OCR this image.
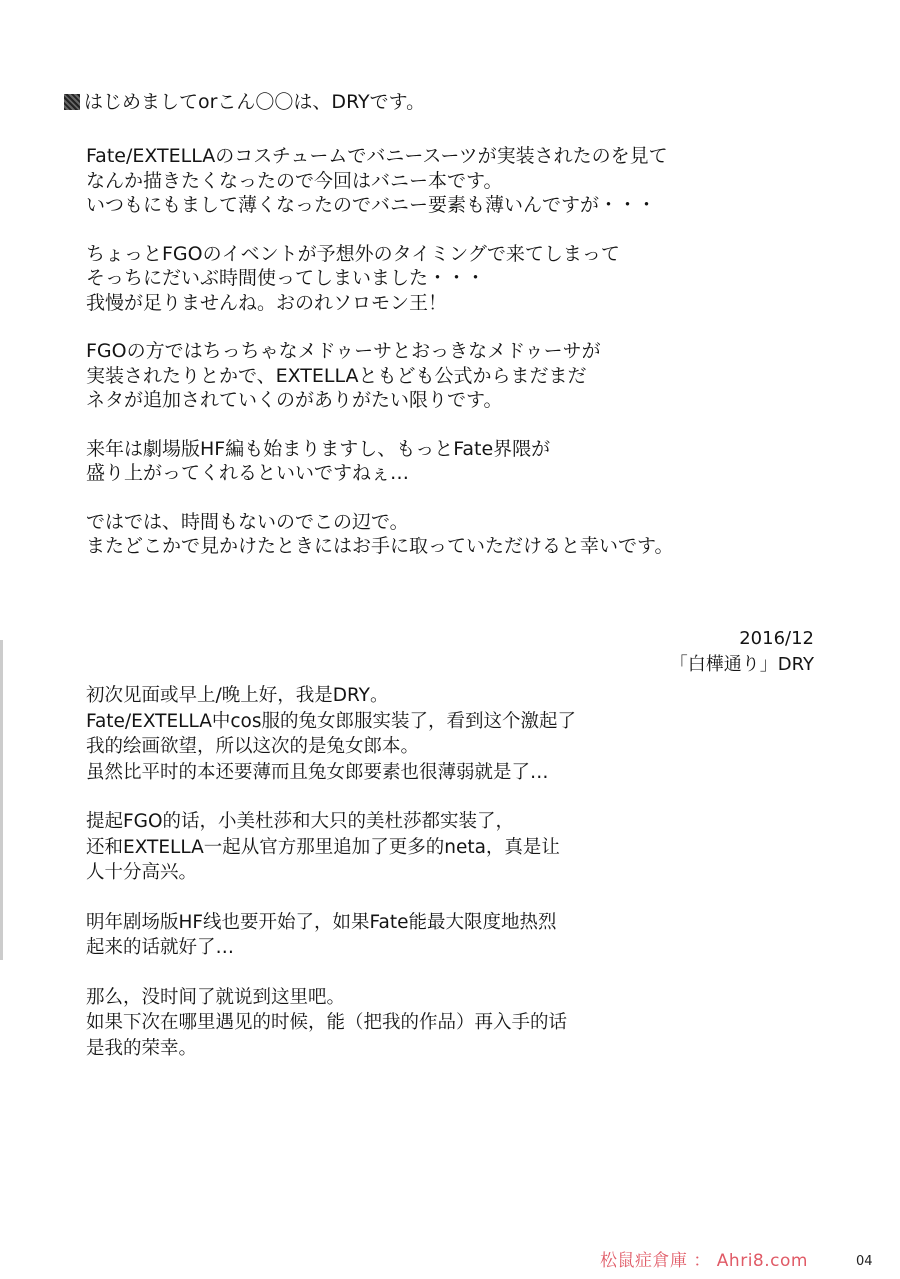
はじめましてorこん〇〇は、DRYです。
Fate/EXTELLAのコスチュームでバニースーツが実装されたのを見て
なんか描きたくなったので今回はバニー本です。
いつもにもまして薄くなったのでバニー要素も薄いんですが・・・
ちょっとFGOのイベントが予想外のタイミングで来てしまって
そっちにだいぶ時間使ってしまいました・・・
我慢が足りませんね。おのれソロモン王！
FGOの方ではちっちゃなメドゥーサとおっきなメドゥーサが
実装されたりとかで、EXTELLAともども公式からまだまだ
ネタが追加されていくのがありがたい限りです。
来年は劇場版HF編も始まりますし、もっとFate界隈が
盛り上がってくれるといいですねぇ…
ではでは、時間もないのでこの辺で。
またどこかで見かけたときにはお手に取っていただけると幸いです。
2016/12
「白樺通り」DRY
初次见面或早上/晚上好，我是DRY。
Fate/EXTELLA中cos服的兔女郎服实装了，看到这个激起了
我的绘画欲望，所以这次的是兔女郎本。
虽然比平时的本还要薄而且兔女郎要素也很薄弱就是了…
提起FGO的话，小美杜莎和大只的美杜莎都实装了，
还和EXTELLA一起从官方那里追加了更多的neta，真是让
人十分高兴。
明年剧场版HF线也要开始了，如果Fate能最大限度地热烈
起来的话就好了…
那么，没时间了就说到这里吧。
如果下次在哪里遇见的时候，能（把我的作品）再入手的话
是我的荣幸。
松鼠症倉庫 ： Ahri8.com	04
